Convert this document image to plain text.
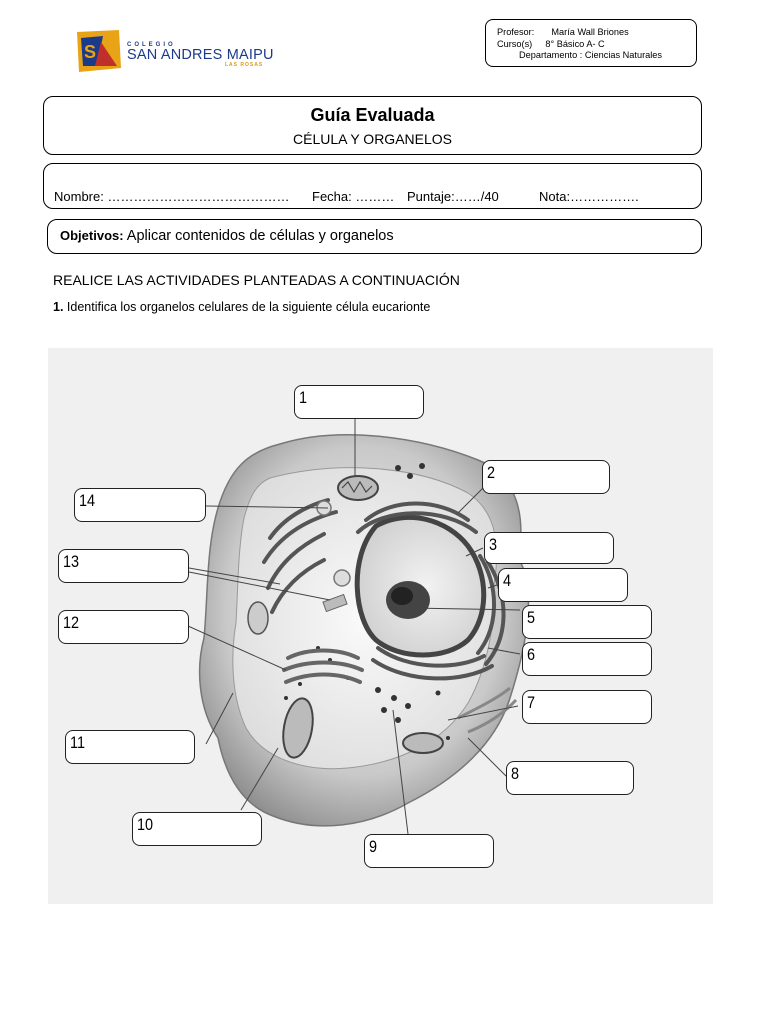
S	COLEGIO
SAN ANDRES MAIPU
LAS ROSAS
Profesor: María Wall Briones
Curso(s) 8° Básico A- C
Departamento : Ciencias Naturales
Guía Evaluada
CÉLULA Y ORGANELOS
Nombre: …………………………………… Fecha: ……… Puntaje:……/40	Nota:…………….
Objetivos: Aplicar contenidos de células y organelos
REALICE LAS ACTIVIDADES PLANTEADAS A CONTINUACIÓN
1. Identifica los organelos celulares de la siguiente célula eucarionte
1
2
3
4
5
6
7
8
9
10
11
12
13
14
